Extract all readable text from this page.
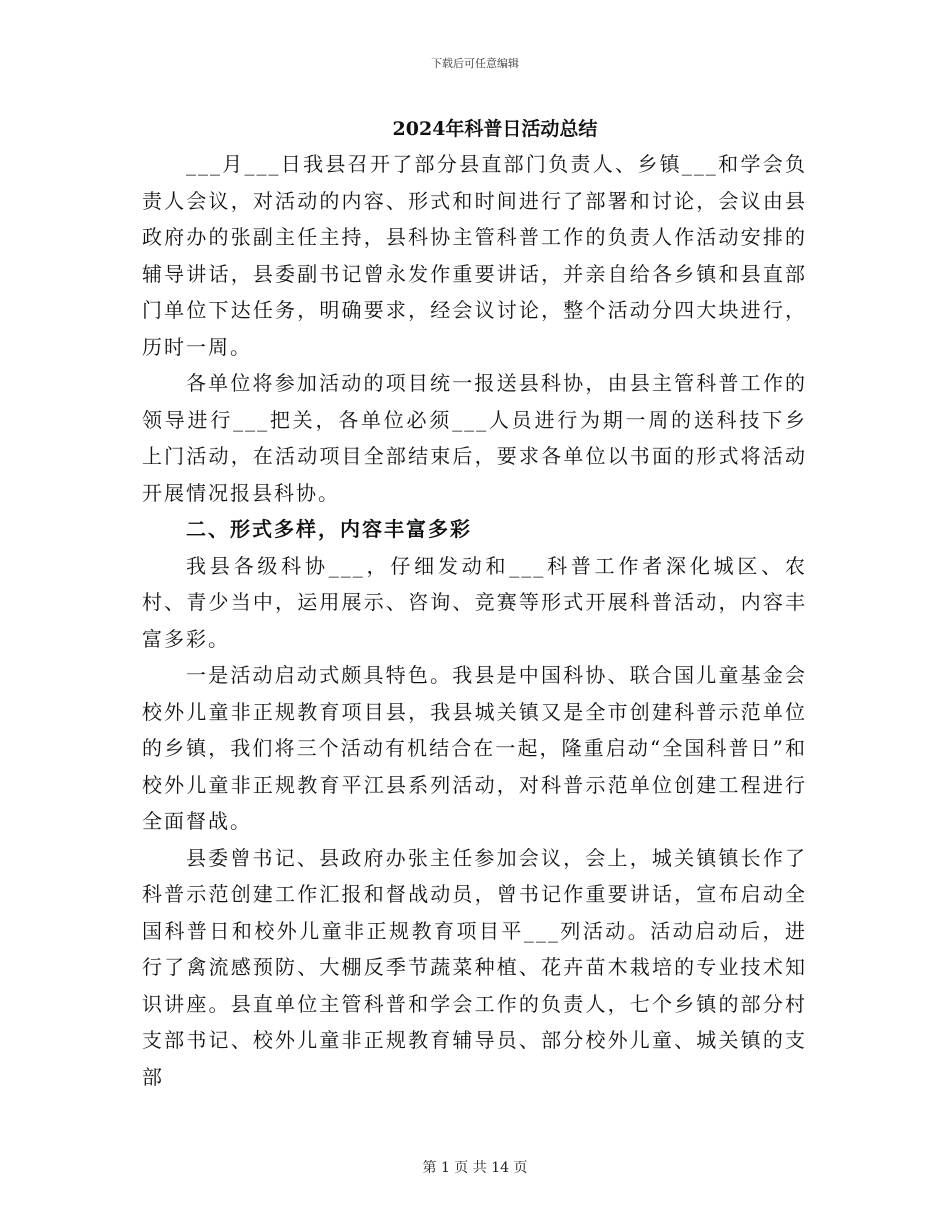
下载后可任意编辑
2024年科普日活动总结

___月___日我县召开了部分县直部门负责人、乡镇___和学会负责人会议，对活动的内容、形式和时间进行了部署和讨论，会议由县政府办的张副主任主持，县科协主管科普工作的负责人作活动安排的辅导讲话，县委副书记曾永发作重要讲话，并亲自给各乡镇和县直部门单位下达任务，明确要求，经会议讨论，整个活动分四大块进行，历时一周。

各单位将参加活动的项目统一报送县科协，由县主管科普工作的领导进行___把关，各单位必须___人员进行为期一周的送科技下乡上门活动，在活动项目全部结束后，要求各单位以书面的形式将活动开展情况报县科协。

二、形式多样，内容丰富多彩

我县各级科协___，仔细发动和___科普工作者深化城区、农村、青少当中，运用展示、咨询、竞赛等形式开展科普活动，内容丰富多彩。

一是活动启动式颇具特色。我县是中国科协、联合国儿童基金会校外儿童非正规教育项目县，我县城关镇又是全市创建科普示范单位的乡镇，我们将三个活动有机结合在一起，隆重启动“全国科普日”和校外儿童非正规教育平江县系列活动，对科普示范单位创建工程进行全面督战。

县委曾书记、县政府办张主任参加会议，会上，城关镇镇长作了科普示范创建工作汇报和督战动员，曾书记作重要讲话，宣布启动全国科普日和校外儿童非正规教育项目平___列活动。活动启动后，进行了禽流感预防、大棚反季节蔬菜种植、花卉苗木栽培的专业技术知识讲座。县直单位主管科普和学会工作的负责人，七个乡镇的部分村支部书记、校外儿童非正规教育辅导员、部分校外儿童、城关镇的支部

第 1 页 共 14 页
